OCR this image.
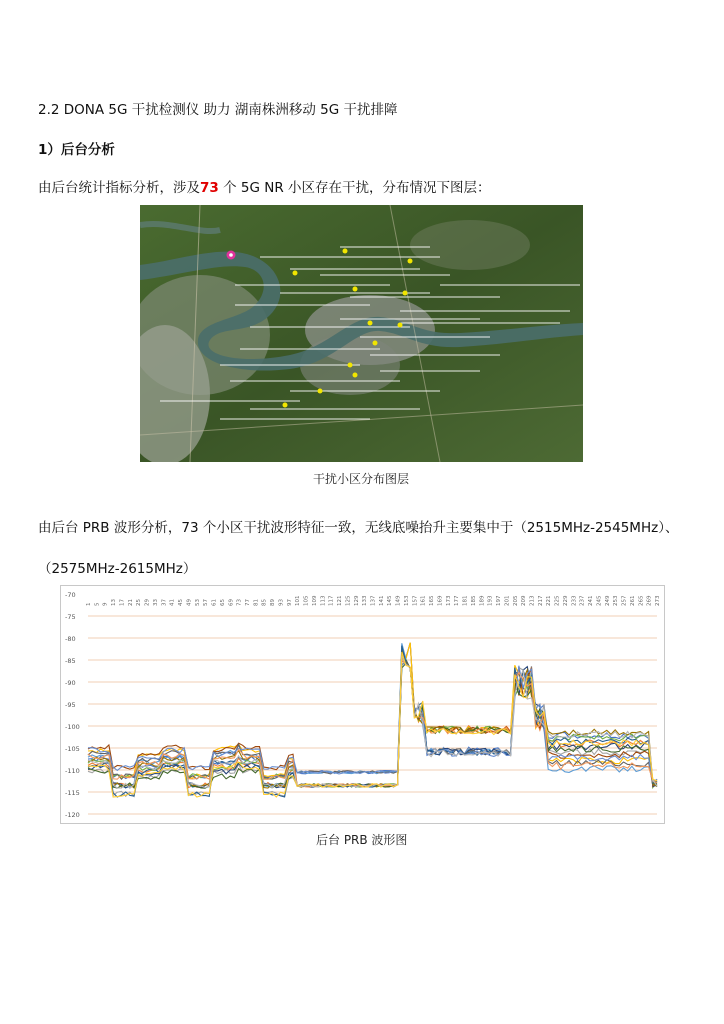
2.2 DONA 5G 干扰检测仪 助力 湖南株洲移动 5G 干扰排障
1）后台分析
由后台统计指标分析，涉及73 个 5G NR 小区存在干扰，分布情况下图层：
干扰小区分布图层
由后台 PRB 波形分析，73 个小区干扰波形特征一致，无线底噪抬升主要集中于（2515MHz-2545MHz）、
（2575MHz-2615MHz）
-70
-75
-80
-85
-90
-95
-100
-105
-110
-115
-120
1 5 9 13 17 21 25 29 33 37 41 45 49 53 57 61 65 69 73 77 81 85 89 93 97 101 105 109 113 117 121 125 129 133 137 141 145 149 153 157 161 165 169 173 177 181 185 189 193 197 201 205 209 213 217 221 225 229 233 237 241 245 249 253 257 261 265 269 273
后台 PRB 波形图
